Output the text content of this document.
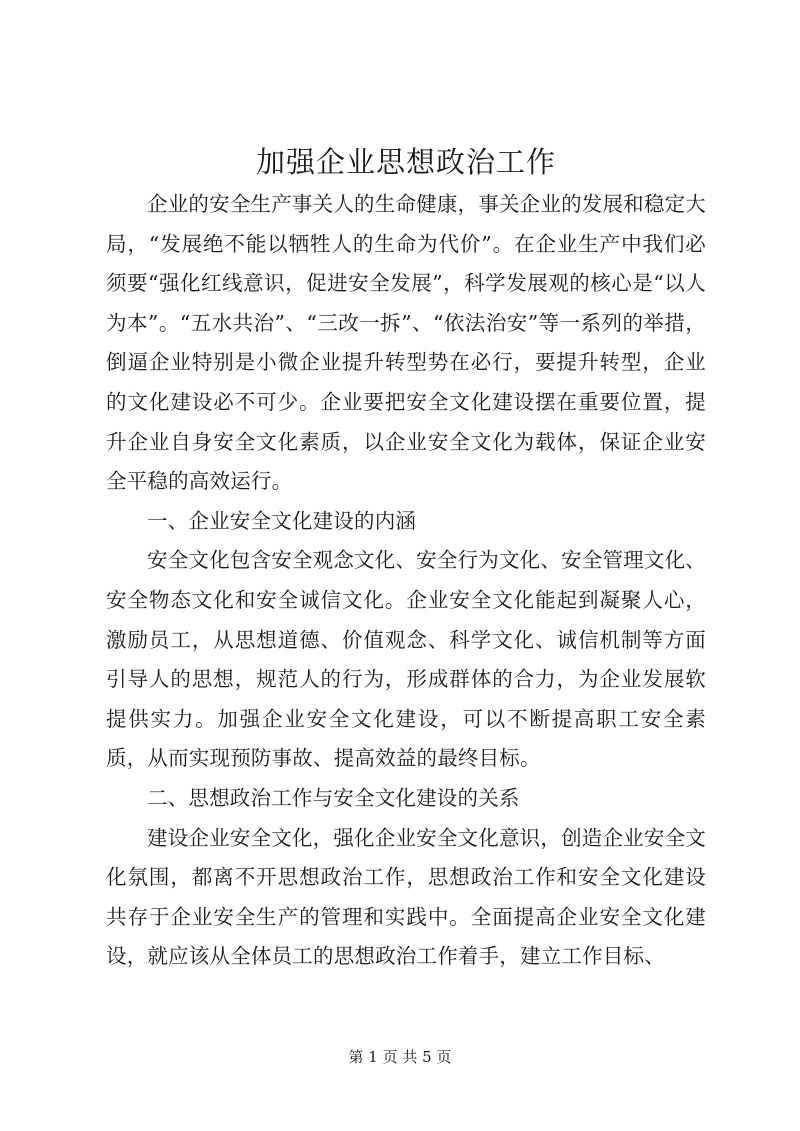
加强企业思想政治工作

企业的安全生产事关人的生命健康，事关企业的发展和稳定大局，“发展绝不能以牺牲人的生命为代价”。在企业生产中我们必须要“强化红线意识，促进安全发展”，科学发展观的核心是“以人为本”。“五水共治”、“三改一拆”、“依法治安”等一系列的举措，倒逼企业特别是小微企业提升转型势在必行，要提升转型，企业的文化建设必不可少。企业要把安全文化建设摆在重要位置，提升企业自身安全文化素质，以企业安全文化为载体，保证企业安全平稳的高效运行。

一、企业安全文化建设的内涵

安全文化包含安全观念文化、安全行为文化、安全管理文化、安全物态文化和安全诚信文化。企业安全文化能起到凝聚人心，激励员工，从思想道德、价值观念、科学文化、诚信机制等方面引导人的思想，规范人的行为，形成群体的合力，为企业发展软提供实力。加强企业安全文化建设，可以不断提高职工安全素质，从而实现预防事故、提高效益的最终目标。

二、思想政治工作与安全文化建设的关系

建设企业安全文化，强化企业安全文化意识，创造企业安全文化氛围，都离不开思想政治工作，思想政治工作和安全文化建设共存于企业安全生产的管理和实践中。全面提高企业安全文化建设，就应该从全体员工的思想政治工作着手，建立工作目标、

第 1 页 共 5 页
